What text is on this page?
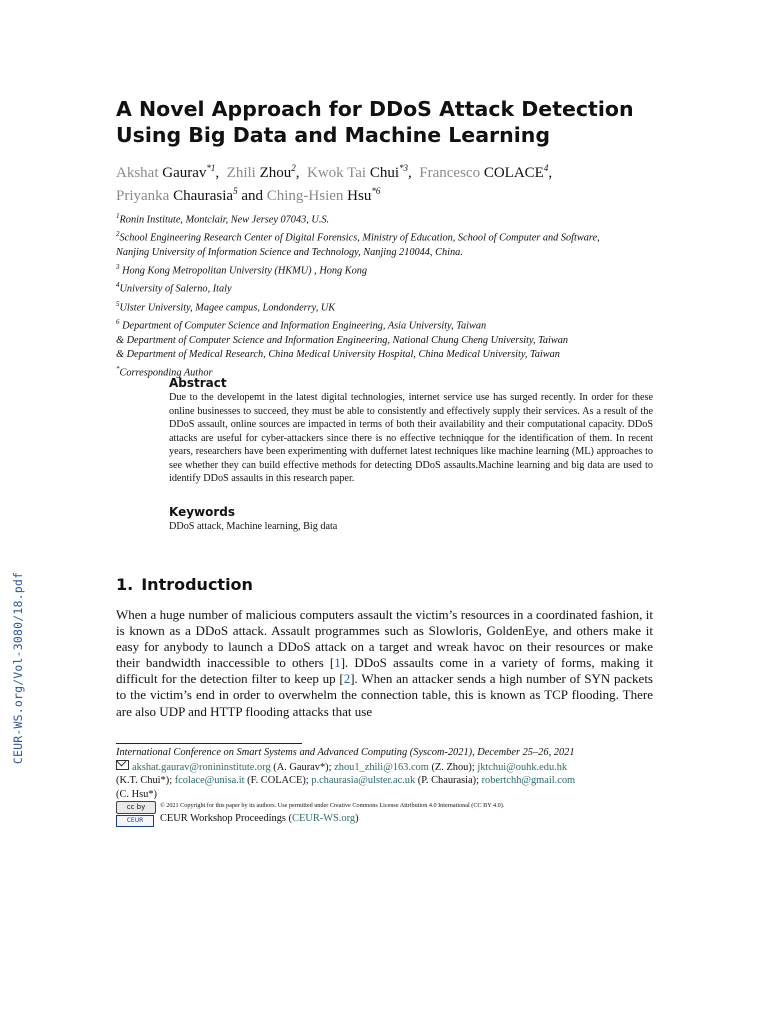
CEUR-WS.org/Vol-3080/18.pdf
A Novel Approach for DDoS Attack Detection Using Big Data and Machine Learning
Akshat Gaurav$^{*1}$,  Zhili Zhou$^2$,  Kwok Tai Chui$^{*3}$,  Francesco COLACE$^4$,
Priyanka Chaurasia$^5$ and Ching-Hsien Hsu$^{*6}$
$^1$Ronin Institute, Montclair, New Jersey 07043, U.S.
$^2$School Engineering Research Center of Digital Forensics, Ministry of Education, School of Computer and Software,
Nanjing University of Information Science and Technology, Nanjing 210044, China.
$^3$ Hong Kong Metropolitan University (HKMU) , Hong Kong
$^4$University of Salerno, Italy
$^5$Ulster University, Magee campus, Londonderry, UK
$^6$ Department of Computer Science and Information Engineering, Asia University, Taiwan
& Department of Computer Science and Information Engineering, National Chung Cheng University, Taiwan
& Department of Medical Research, China Medical University Hospital, China Medical University, Taiwan
*Corresponding Author
Abstract

Due to the developemt in the latest digital technologies, internet service use has surged recently. In order for these online businesses to succeed, they must be able to consistently and effectively supply their services. As a result of the DDoS assault, online sources are impacted in terms of both their availability and their computational capacity. DDoS attacks are useful for cyber-attackers since there is no effective techniqque for the identification of them. In recent years, researchers have been experimenting with duffernet latest techniques like machine learning (ML) approaches to see whether they can build effective methods for detecting DDoS assaults.Machine learning and big data are used to identify DDoS assaults in this research paper.

Keywords

DDoS attack, Machine learning, Big data

1. Introduction

When a huge number of malicious computers assault the victim’s resources in a coordinated fashion, it is known as a DDoS attack. Assault programmes such as Slowloris, GoldenEye, and others make it easy for anybody to launch a DDoS attack on a target and wreak havoc on their resources or make their bandwidth inaccessible to others [1]. DDoS assaults come in a variety of forms, making it difficult for the detection filter to keep up [2]. When an attacker sends a high number of SYN packets to the victim’s end in order to overwhelm the connection table, this is known as TCP flooding. There are also UDP and HTTP flooding attacks that use

International Conference on Smart Systems and Advanced Computing (Syscom-2021), December 25–26, 2021
akshat.gaurav@ronininstitute.org (A. Gaurav*); zhou1_zhili@163.com (Z. Zhou); jktchui@ouhk.edu.hk
(K.T. Chui*); fcolace@unisa.it (F. COLACE); p.chaurasia@ulster.ac.uk (P. Chaurasia); robertchh@gmail.com
(C. Hsu*)
cc by	© 2021 Copyright for this paper by its authors. Use permitted under Creative Commons License Attribution 4.0 International (CC BY 4.0).
CEUR	CEUR Workshop Proceedings (CEUR-WS.org)
